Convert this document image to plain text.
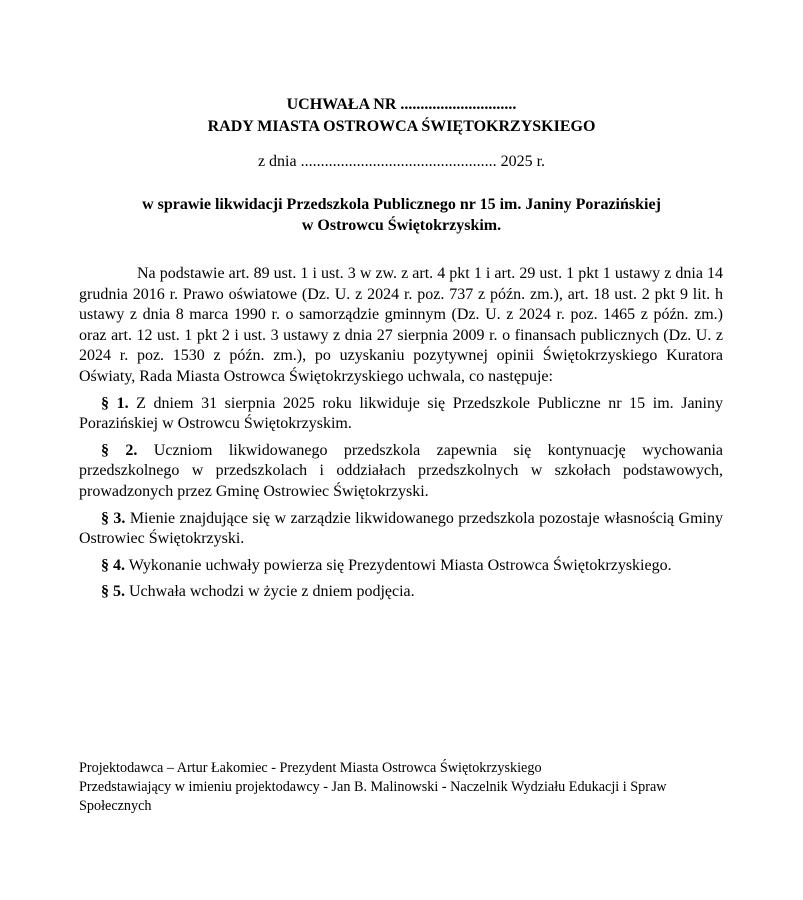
UCHWAŁA NR .............................
RADY MIASTA OSTROWCA ŚWIĘTOKRZYSKIEGO
z dnia ................................................. 2025 r.
w sprawie likwidacji Przedszkola Publicznego nr 15 im. Janiny Porazińskiej
w Ostrowcu Świętokrzyskim.

Na podstawie art. 89 ust. 1 i ust. 3 w zw. z art. 4 pkt 1 i art. 29 ust. 1 pkt 1 ustawy z dnia 14 grudnia 2016 r. Prawo oświatowe (Dz. U. z 2024 r. poz. 737 z późn. zm.), art. 18 ust. 2 pkt 9 lit. h ustawy z dnia 8 marca 1990 r. o samorządzie gminnym (Dz. U. z 2024 r. poz. 1465 z późn. zm.) oraz art. 12 ust. 1 pkt 2 i ust. 3 ustawy z dnia 27 sierpnia 2009 r. o finansach publicznych (Dz. U. z 2024 r. poz. 1530 z późn. zm.), po uzyskaniu pozytywnej opinii Świętokrzyskiego Kuratora Oświaty, Rada Miasta Ostrowca Świętokrzyskiego uchwala, co następuje:

§ 1. Z dniem 31 sierpnia 2025 roku likwiduje się Przedszkole Publiczne nr 15 im. Janiny Porazińskiej w Ostrowcu Świętokrzyskim.

§ 2. Uczniom likwidowanego przedszkola zapewnia się kontynuację wychowania przedszkolnego w przedszkolach i oddziałach przedszkolnych w szkołach podstawowych, prowadzonych przez Gminę Ostrowiec Świętokrzyski.

§ 3. Mienie znajdujące się w zarządzie likwidowanego przedszkola pozostaje własnością Gminy Ostrowiec Świętokrzyski.

§ 4. Wykonanie uchwały powierza się Prezydentowi Miasta Ostrowca Świętokrzyskiego.

§ 5. Uchwała wchodzi w życie z dniem podjęcia.

Projektodawca – Artur Łakomiec - Prezydent Miasta Ostrowca Świętokrzyskiego
Przedstawiający w imieniu projektodawcy - Jan B. Malinowski - Naczelnik Wydziału Edukacji i Spraw Społecznych
